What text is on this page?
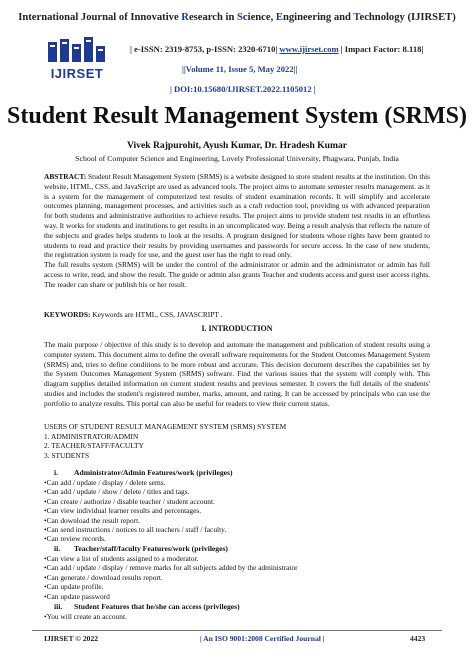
International Journal of Innovative Research in Science, Engineering and Technology (IJIRSET)
IJIRSET
| e-ISSN: 2319-8753, p-ISSN: 2320-6710| www.ijirset.com | Impact Factor: 8.118|
||Volume 11, Issue 5, May 2022||
| DOI:10.15680/IJIRSET.2022.1105012 |
Student Result Management System (SRMS)
Vivek Rajpurohit, Ayush Kumar, Dr. Hradesh Kumar
School of Computer Science and Engineering, Lovely Professional University, Phagwara, Punjab, India
ABSTRACT: Student Result Management System (SRMS) is a website designed to store student results at the institution. On this website, HTML, CSS, and JavaScript are used as advanced tools. The project aims to automate semester results management. as it is a system for the management of computerized test results of student examination records. It will simplify and accelerate outcomes planning, management processes, and activities such as a craft reduction tool, providing us with advanced preparation for both students and administrative authorities to achieve results. The project aims to provide student test results in an effortless way. It works for students and institutions to get results in an uncomplicated way. Being a result analysis that reflects the nature of the subjects and grades helps students to look at the results. A program designed for students whose rights have been granted to students to read and practice their results by providing usernames and passwords for secure access. In the case of new students, the registration system is ready for use, and the guest user has the right to read only.
The full results system (SRMS) will be under the control of the administrator or admin and the administrator or admin has full access to write, read, and show the result. The guide or admin also grants Teacher and students access and guest user access rights. The reader can share or publish his or her result.
KEYWORDS: Keywords are HTML, CSS, JAVASCRIPT .
I. INTRODUCTION
The main purpose / objective of this study is to develop and automate the management and publication of student results using a computer system. This document aims to define the overall software requirements for the Student Outcomes Management System (SRMS) and, tries to define conditions to be more robust and accurate. This decision document describes the capabilities set by the System Outcomes Management System (SRMS) software. Find the various issues that the system will comply with. This diagram supplies detailed information on current student results and previous semester. It covers the full details of the students' studies and includes the student's registered number, marks, amount, and rating. It can be accessed by principals who can use the portfolio to analyze results. This portal can also be useful for readers to view their current status.
USERS OF STUDENT RESULT MANAGEMENT SYSTEM (SRMS) SYSTEM
1. ADMINISTRATOR/ADMIN
2. TEACHER/STAFF/FACULTY
3. STUDENTS
i. Administrator/Admin Features/work (privileges)
• Can add / update / display / delete sems.
• Can add / update / show / delete / titles and tags.
• Can create / authorize / disable teacher / student account.
• Can view individual learner results and percentages.
• Can download the result report.
• Can send instructions / notices to all teachers / staff / faculty.
• Can review records.
ii. Teacher/staff/faculty Features/work (privileges)
• Can view a list of students assigned to a moderator.
• Can add / update / display / remove marks for all subjects added by the administrator
• Can generate / download results report.
• Can update profile.
• Can update password
iii. Student Features that he/she can access (privileges)
• You will create an account.
IJIRSET © 2022	| An ISO 9001:2008 Certified Journal |	4423
